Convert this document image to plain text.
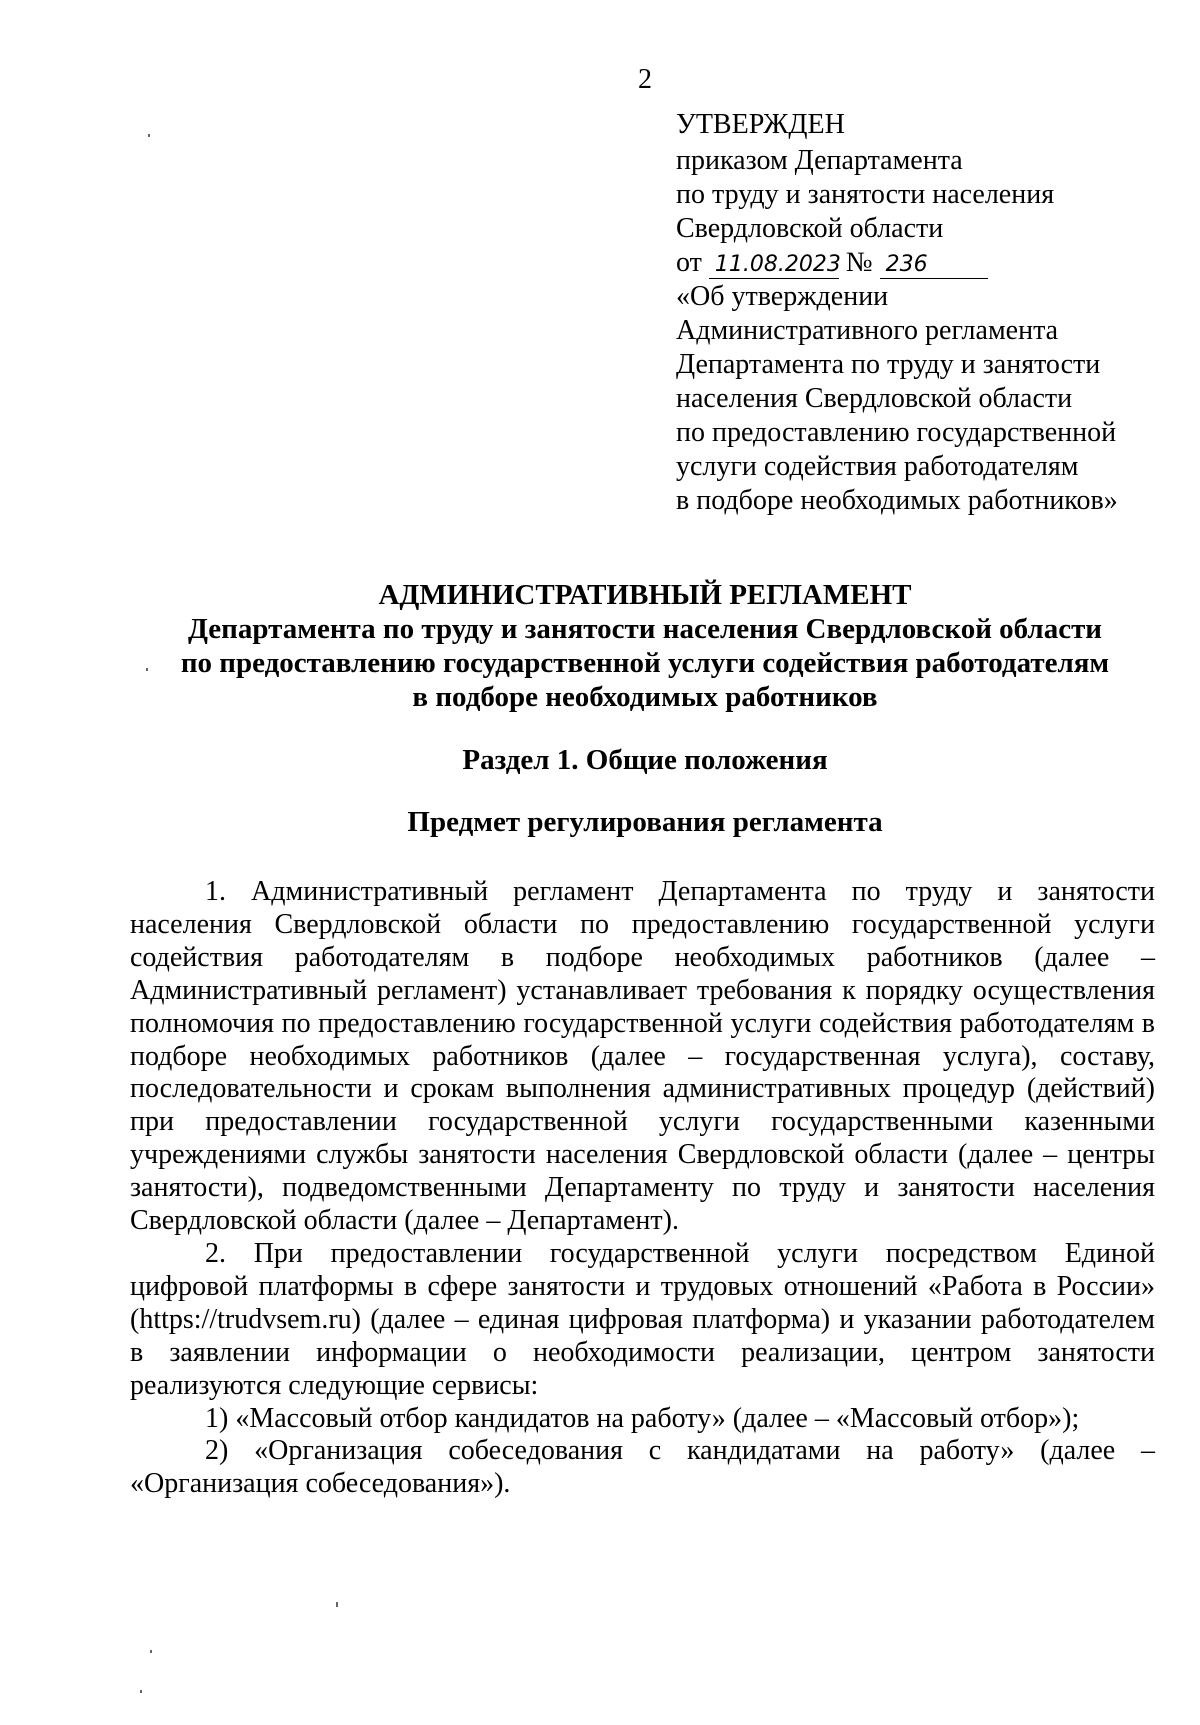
2
УТВЕРЖДЕН
приказом Департамента
по труду и занятости населения
Свердловской области
от 11.08.2023 № 236
«Об утверждении
Административного регламента
Департамента по труду и занятости
населения Свердловской области
по предоставлению государственной
услуги содействия работодателям
в подборе необходимых работников»
АДМИНИСТРАТИВНЫЙ РЕГЛАМЕНТ
Департамента по труду и занятости населения Свердловской области
по предоставлению государственной услуги содействия работодателям
в подборе необходимых работников
Раздел 1. Общие положения
Предмет регулирования регламента

1. Административный регламент Департамента по труду и занятости населения Свердловской области по предоставлению государственной услуги содействия работодателям в подборе необходимых работников (далее – Административный регламент) устанавливает требования к порядку осуществления полномочия по предоставлению государственной услуги содействия работодателям в подборе необходимых работников (далее – государственная услуга), составу, последовательности и срокам выполнения административных процедур (действий) при предоставлении государственной услуги государственными казенными учреждениями службы занятости населения Свердловской области (далее – центры занятости), подведомственными Департаменту по труду и занятости населения Свердловской области (далее – Департамент).

2. При предоставлении государственной услуги посредством Единой цифровой платформы в сфере занятости и трудовых отношений «Работа в России» (https://trudvsem.ru) (далее – единая цифровая платформа) и указании работодателем в заявлении информации о необходимости реализации, центром занятости реализуются следующие сервисы:

1) «Массовый отбор кандидатов на работу» (далее – «Массовый отбор»);

2) «Организация собеседования с кандидатами на работу» (далее – «Организация собеседования»).
